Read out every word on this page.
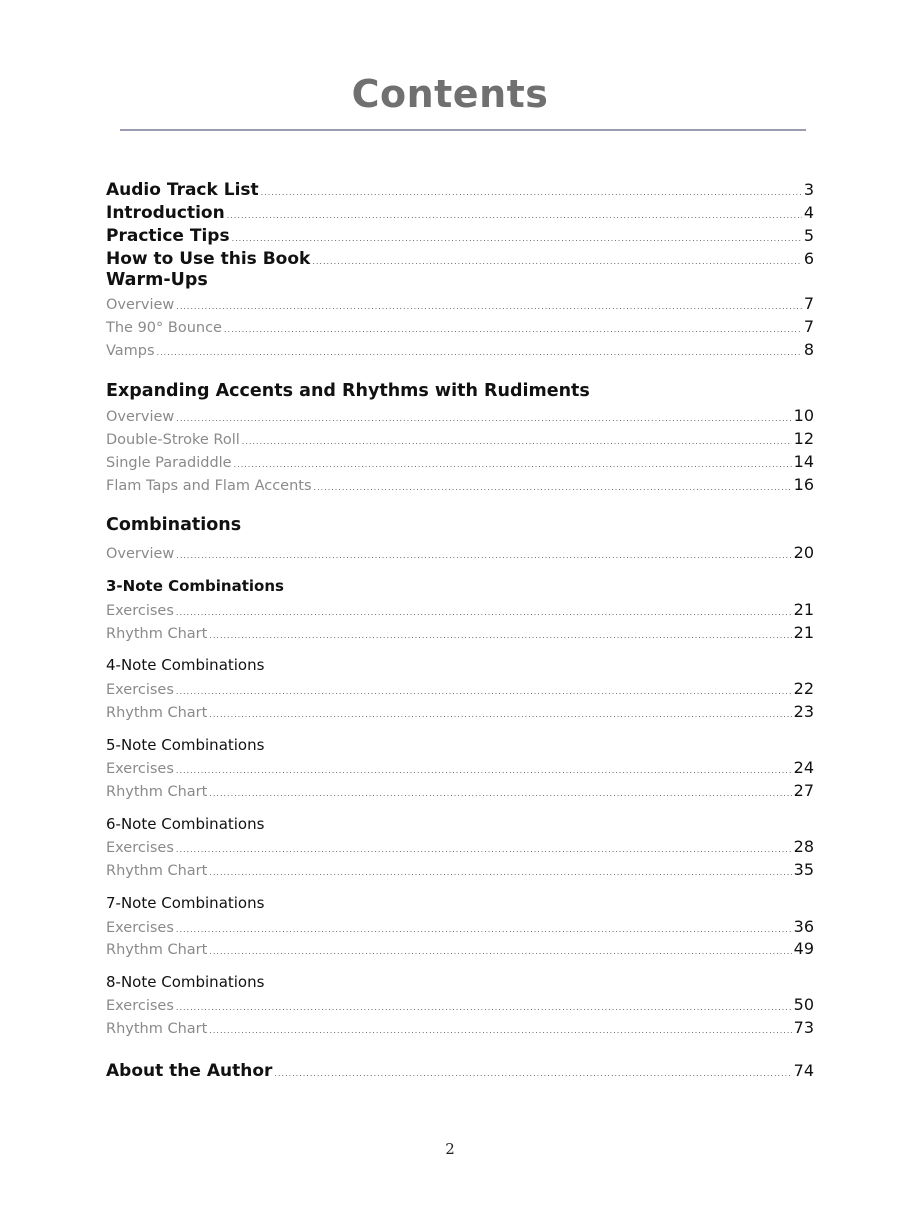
Contents
Audio Track List .....	3
Introduction .....	4
Practice Tips .....	5
How to Use this Book .....	6
Warm-Ups
Overview .....	7
The 90° Bounce .....	7
Vamps .....	8
Expanding Accents and Rhythms with Rudiments
Overview .....	10
Double-Stroke Roll .....	12
Single Paradiddle .....	14
Flam Taps and Flam Accents .....	16
Combinations
Overview .....	20
3-Note Combinations
Exercises .....	21
Rhythm Chart .....	21
4-Note Combinations
Exercises .....	22
Rhythm Chart .....	23
5-Note Combinations
Exercises .....	24
Rhythm Chart .....	27
6-Note Combinations
Exercises .....	28
Rhythm Chart .....	35
7-Note Combinations
Exercises .....	36
Rhythm Chart .....	49
8-Note Combinations
Exercises .....	50
Rhythm Chart .....	73
About the Author .....	74
2
